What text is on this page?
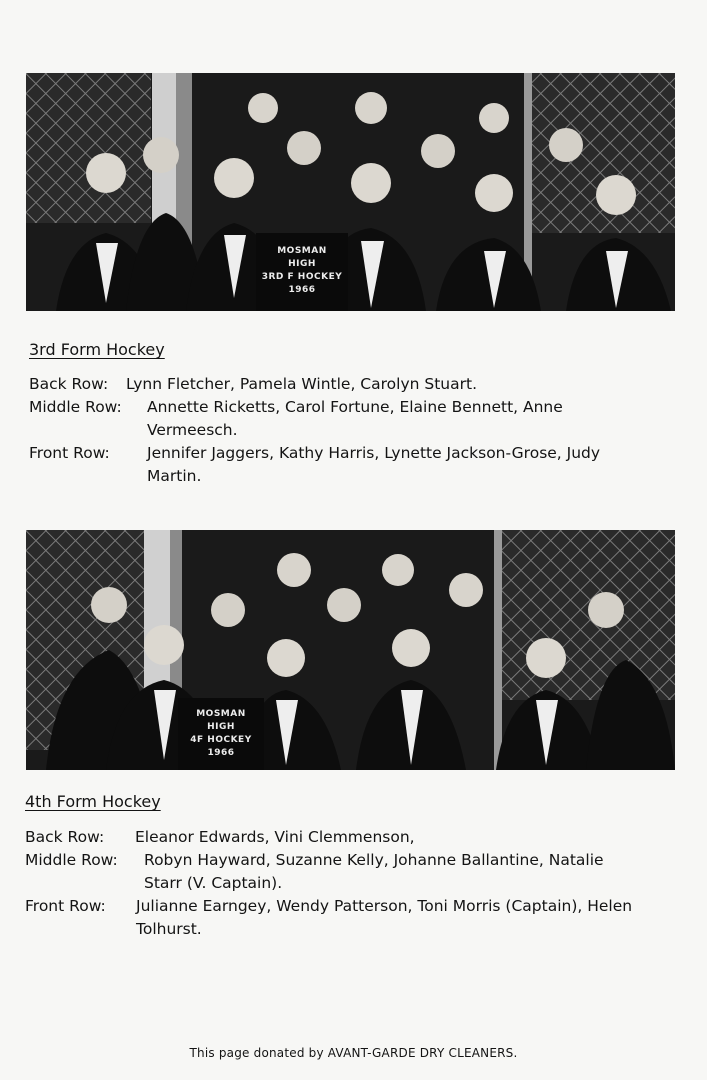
MOSMAN
HIGH
3RD F HOCKEY
1966
3rd Form Hockey
Back Row:	Lynn Fletcher, Pamela Wintle, Carolyn Stuart.
Middle Row:	Annette Ricketts, Carol Fortune, Elaine Bennett, Anne Vermeesch.
Front Row:	Jennifer Jaggers, Kathy Harris, Lynette Jackson-Grose, Judy Martin.
MOSMAN
HIGH
4F HOCKEY
1966
4th Form Hockey
Back Row:	Eleanor Edwards, Vini Clemmenson,
Middle Row:	Robyn Hayward, Suzanne Kelly, Johanne Ballantine, Natalie Starr (V. Captain).
Front Row:	Julianne Earngey, Wendy Patterson, Toni Morris (Captain), Helen Tolhurst.
This page donated by AVANT-GARDE DRY CLEANERS.
